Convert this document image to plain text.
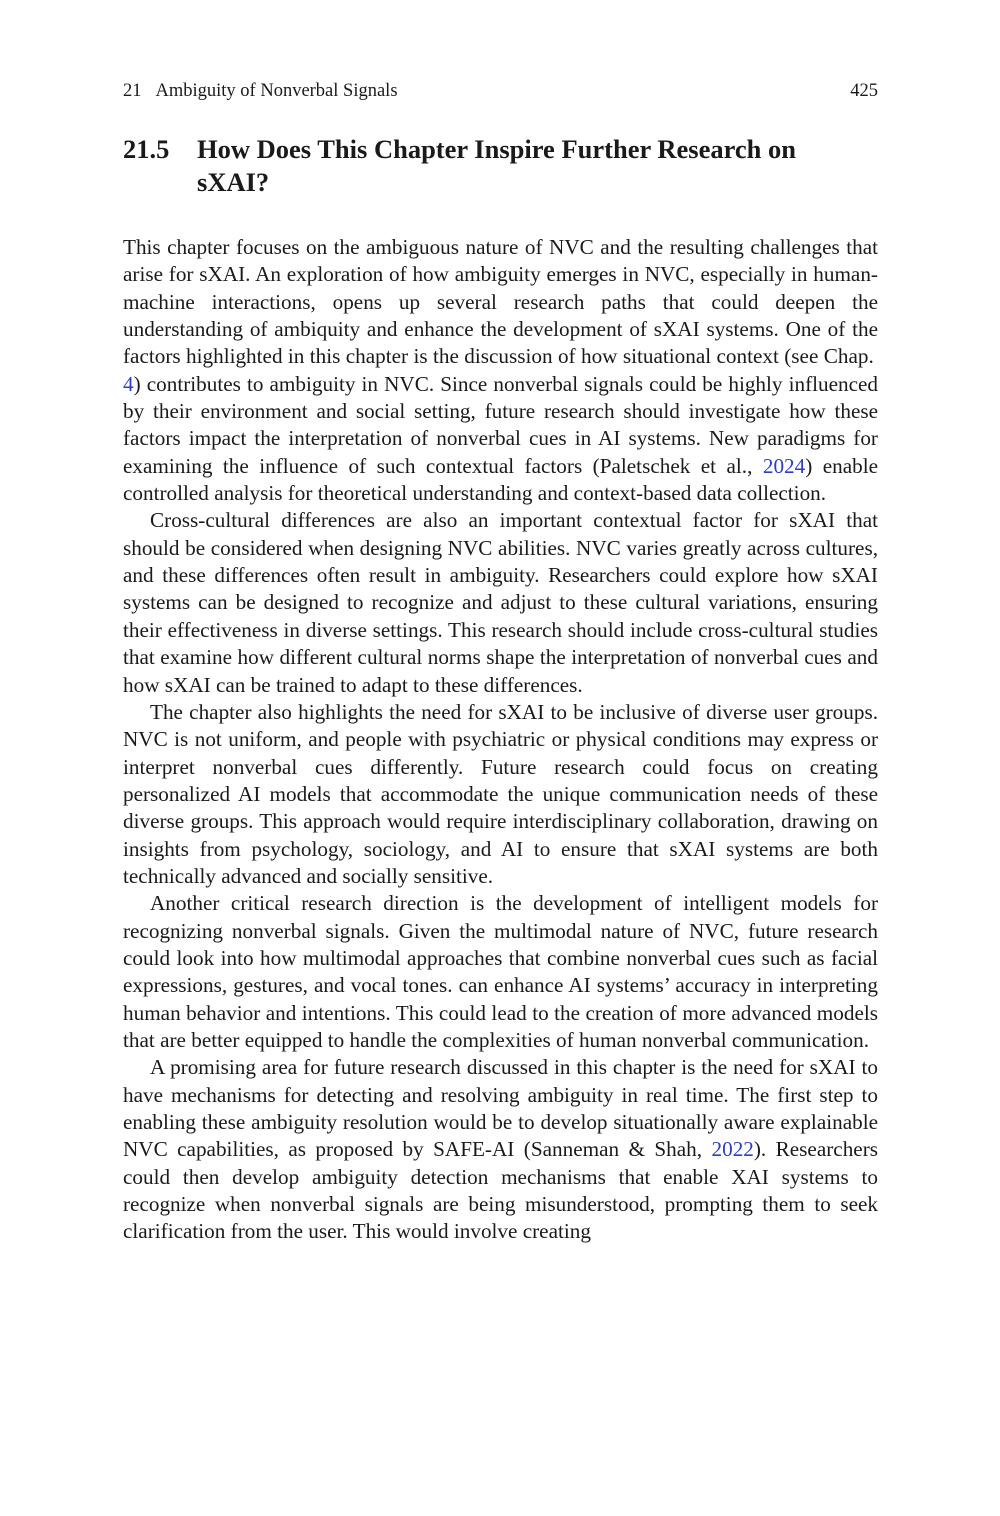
21 Ambiguity of Nonverbal Signals	425
21.5 How Does This Chapter Inspire Further Research on sXAI?

This chapter focuses on the ambiguous nature of NVC and the resulting challenges that arise for sXAI. An exploration of how ambiguity emerges in NVC, especially in human-machine interactions, opens up several research paths that could deepen the understanding of ambiquity and enhance the development of sXAI systems. One of the factors highlighted in this chapter is the discussion of how situational context (see Chap. 4) contributes to ambiguity in NVC. Since nonverbal signals could be highly influenced by their environment and social setting, future research should investigate how these factors impact the interpretation of nonverbal cues in AI systems. New paradigms for examining the influence of such contextual factors (Paletschek et al., 2024) enable controlled analysis for theoretical understanding and context-based data collection.

Cross-cultural differences are also an important contextual factor for sXAI that should be considered when designing NVC abilities. NVC varies greatly across cultures, and these differences often result in ambiguity. Researchers could explore how sXAI systems can be designed to recognize and adjust to these cultural variations, ensuring their effectiveness in diverse settings. This research should include cross-cultural studies that examine how different cultural norms shape the interpretation of nonverbal cues and how sXAI can be trained to adapt to these differences.

The chapter also highlights the need for sXAI to be inclusive of diverse user groups. NVC is not uniform, and people with psychiatric or physical conditions may express or interpret nonverbal cues differently. Future research could focus on creating personalized AI models that accommodate the unique communication needs of these diverse groups. This approach would require interdisciplinary collaboration, drawing on insights from psychology, sociology, and AI to ensure that sXAI systems are both technically advanced and socially sensitive.

Another critical research direction is the development of intelligent models for recognizing nonverbal signals. Given the multimodal nature of NVC, future research could look into how multimodal approaches that combine nonverbal cues such as facial expressions, gestures, and vocal tones. can enhance AI systems’ accuracy in interpreting human behavior and intentions. This could lead to the creation of more advanced models that are better equipped to handle the complexities of human nonverbal communication.

A promising area for future research discussed in this chapter is the need for sXAI to have mechanisms for detecting and resolving ambiguity in real time. The first step to enabling these ambiguity resolution would be to develop situationally aware explainable NVC capabilities, as proposed by SAFE-AI (Sanneman & Shah, 2022). Researchers could then develop ambiguity detection mechanisms that enable XAI systems to recognize when nonverbal signals are being misunderstood, prompting them to seek clarification from the user. This would involve creating
